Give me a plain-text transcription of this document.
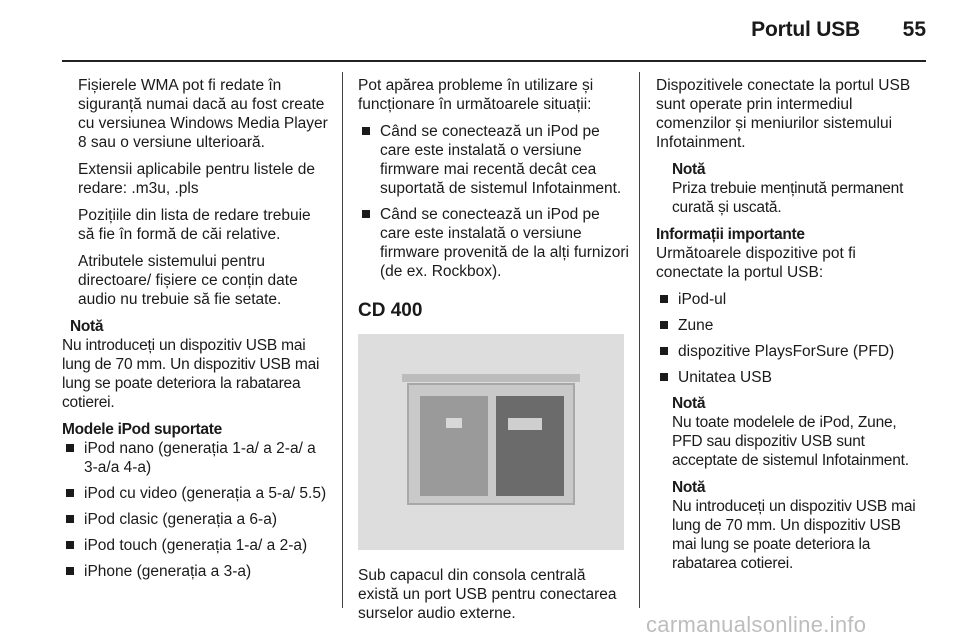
Portul USB	55

Fișierele WMA pot fi redate în siguranță numai dacă au fost create cu versiunea Windows Media Player 8 sau o versiune ulterioară.

Extensii aplicabile pentru listele de redare: .m3u, .pls

Pozițiile din lista de redare trebuie să fie în formă de căi relative.

Atributele sistemului pentru directoare/ fișiere ce conțin date audio nu trebuie să fie setate.

Notă

Nu introduceți un dispozitiv USB mai lung de 70 mm. Un dispozitiv USB mai lung se poate deteriora la rabatarea cotierei.

Modele iPod suportate
iPod nano (generația 1-a/ a 2-a/ a 3-a/a 4-a)
iPod cu video (generația a 5-a/ 5.5)
iPod clasic (generația a 6-a)
iPod touch (generația 1-a/ a 2-a)
iPhone (generația a 3-a)

Pot apărea probleme în utilizare și funcționare în următoarele situații:

Când se conectează un iPod pe care este instalată o versiune firmware mai recentă decât cea suportată de sistemul Infotainment.
Când se conectează un iPod pe care este instalată o versiune firmware provenită de la alți furnizori (de ex. Rockbox).
CD 400

Sub capacul din consola centrală există un port USB pentru conectarea surselor audio externe.

Dispozitivele conectate la portul USB sunt operate prin intermediul comenzilor și meniurilor sistemului Infotainment.

Notă

Priza trebuie menținută permanent curată și uscată.

Informații importante

Următoarele dispozitive pot fi conectate la portul USB:

iPod-ul
Zune
dispozitive PlaysForSure (PFD)
Unitatea USB
Notă

Nu toate modelele de iPod, Zune, PFD sau dispozitiv USB sunt acceptate de sistemul Infotainment.

Notă

Nu introduceți un dispozitiv USB mai lung de 70 mm. Un dispozitiv USB mai lung se poate deteriora la rabatarea cotierei.

carmanualsonline.info
